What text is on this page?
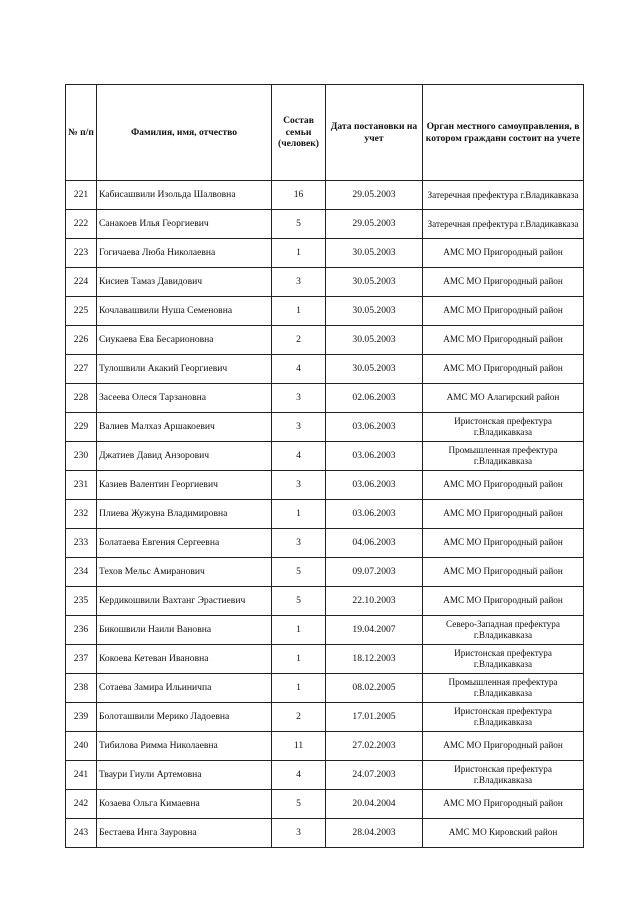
№ п/п	Фамилия, имя, отчество	Состав семьи (человек)	Дата постановки на учет	Орган местного самоуправления, в котором граждани состоит на учете
221	Кабисашвили Изольда Шалвовна	16	29.05.2003	Затеречная префектура г.Владикавказа
222	Санакоев Илья Георгиевич	5	29.05.2003	Затеречная префектура г.Владикавказа
223	Гогичаева Люба Николаевна	1	30.05.2003	АМС МО Пригородный район
224	Кисиев Тамаз Давидович	3	30.05.2003	АМС МО Пригородный район
225	Кочлавашвили Нуша Семеновна	1	30.05.2003	АМС МО Пригородный район
226	Сиукаева Ева Бесарионовна	2	30.05.2003	АМС МО Пригородный район
227	Тулошвили Акакий Георгиевич	4	30.05.2003	АМС МО Пригородный район
228	Засеева Олеся Тарзановна	3	02.06.2003	АМС МО Алагирский район
229	Валиев Малхаз Аршакоевич	3	03.06.2003	Иристонская префектура г.Владикавказа
230	Джатиев Давид Анзорович	4	03.06.2003	Промышленная префектура г.Владикавказа
231	Казиев Валентин Георгиевич	3	03.06.2003	АМС МО Пригородный район
232	Плиева Жужуна Владимировна	1	03.06.2003	АМС МО Пригородный район
233	Болатаева Евгения Сергеевна	3	04.06.2003	АМС МО Пригородный район
234	Техов Мельс Амиранович	5	09.07.2003	АМС МО Пригородный район
235	Кердикошвили Вахтанг Эрастиевич	5	22.10.2003	АМС МО Пригородный район
236	Бикошвили Наили Вановна	1	19.04.2007	Северо-Западная префектура г.Владикавказа
237	Кокоева Кетеван Ивановна	1	18.12.2003	Иристонская префектура г.Владикавказа
238	Сотаева Замира Ильиничпа	1	08.02.2005	Промышленная префектура г.Владикавказа
239	Болоташвили Мерико Ладоевна	2	17.01.2005	Иристонская префектура г.Владикавказа
240	Тибилова Римма Николаевна	11	27.02.2003	АМС МО Пригородный район
241	Тваури Гиули Артемовна	4	24.07.2003	Иристонская префектура г.Владикавказа
242	Козаева Ольга Кимаевна	5	20.04.2004	АМС МО Пригородный район
243	Бестаева Инга Зауровна	3	28.04.2003	АМС МО Кировский район
